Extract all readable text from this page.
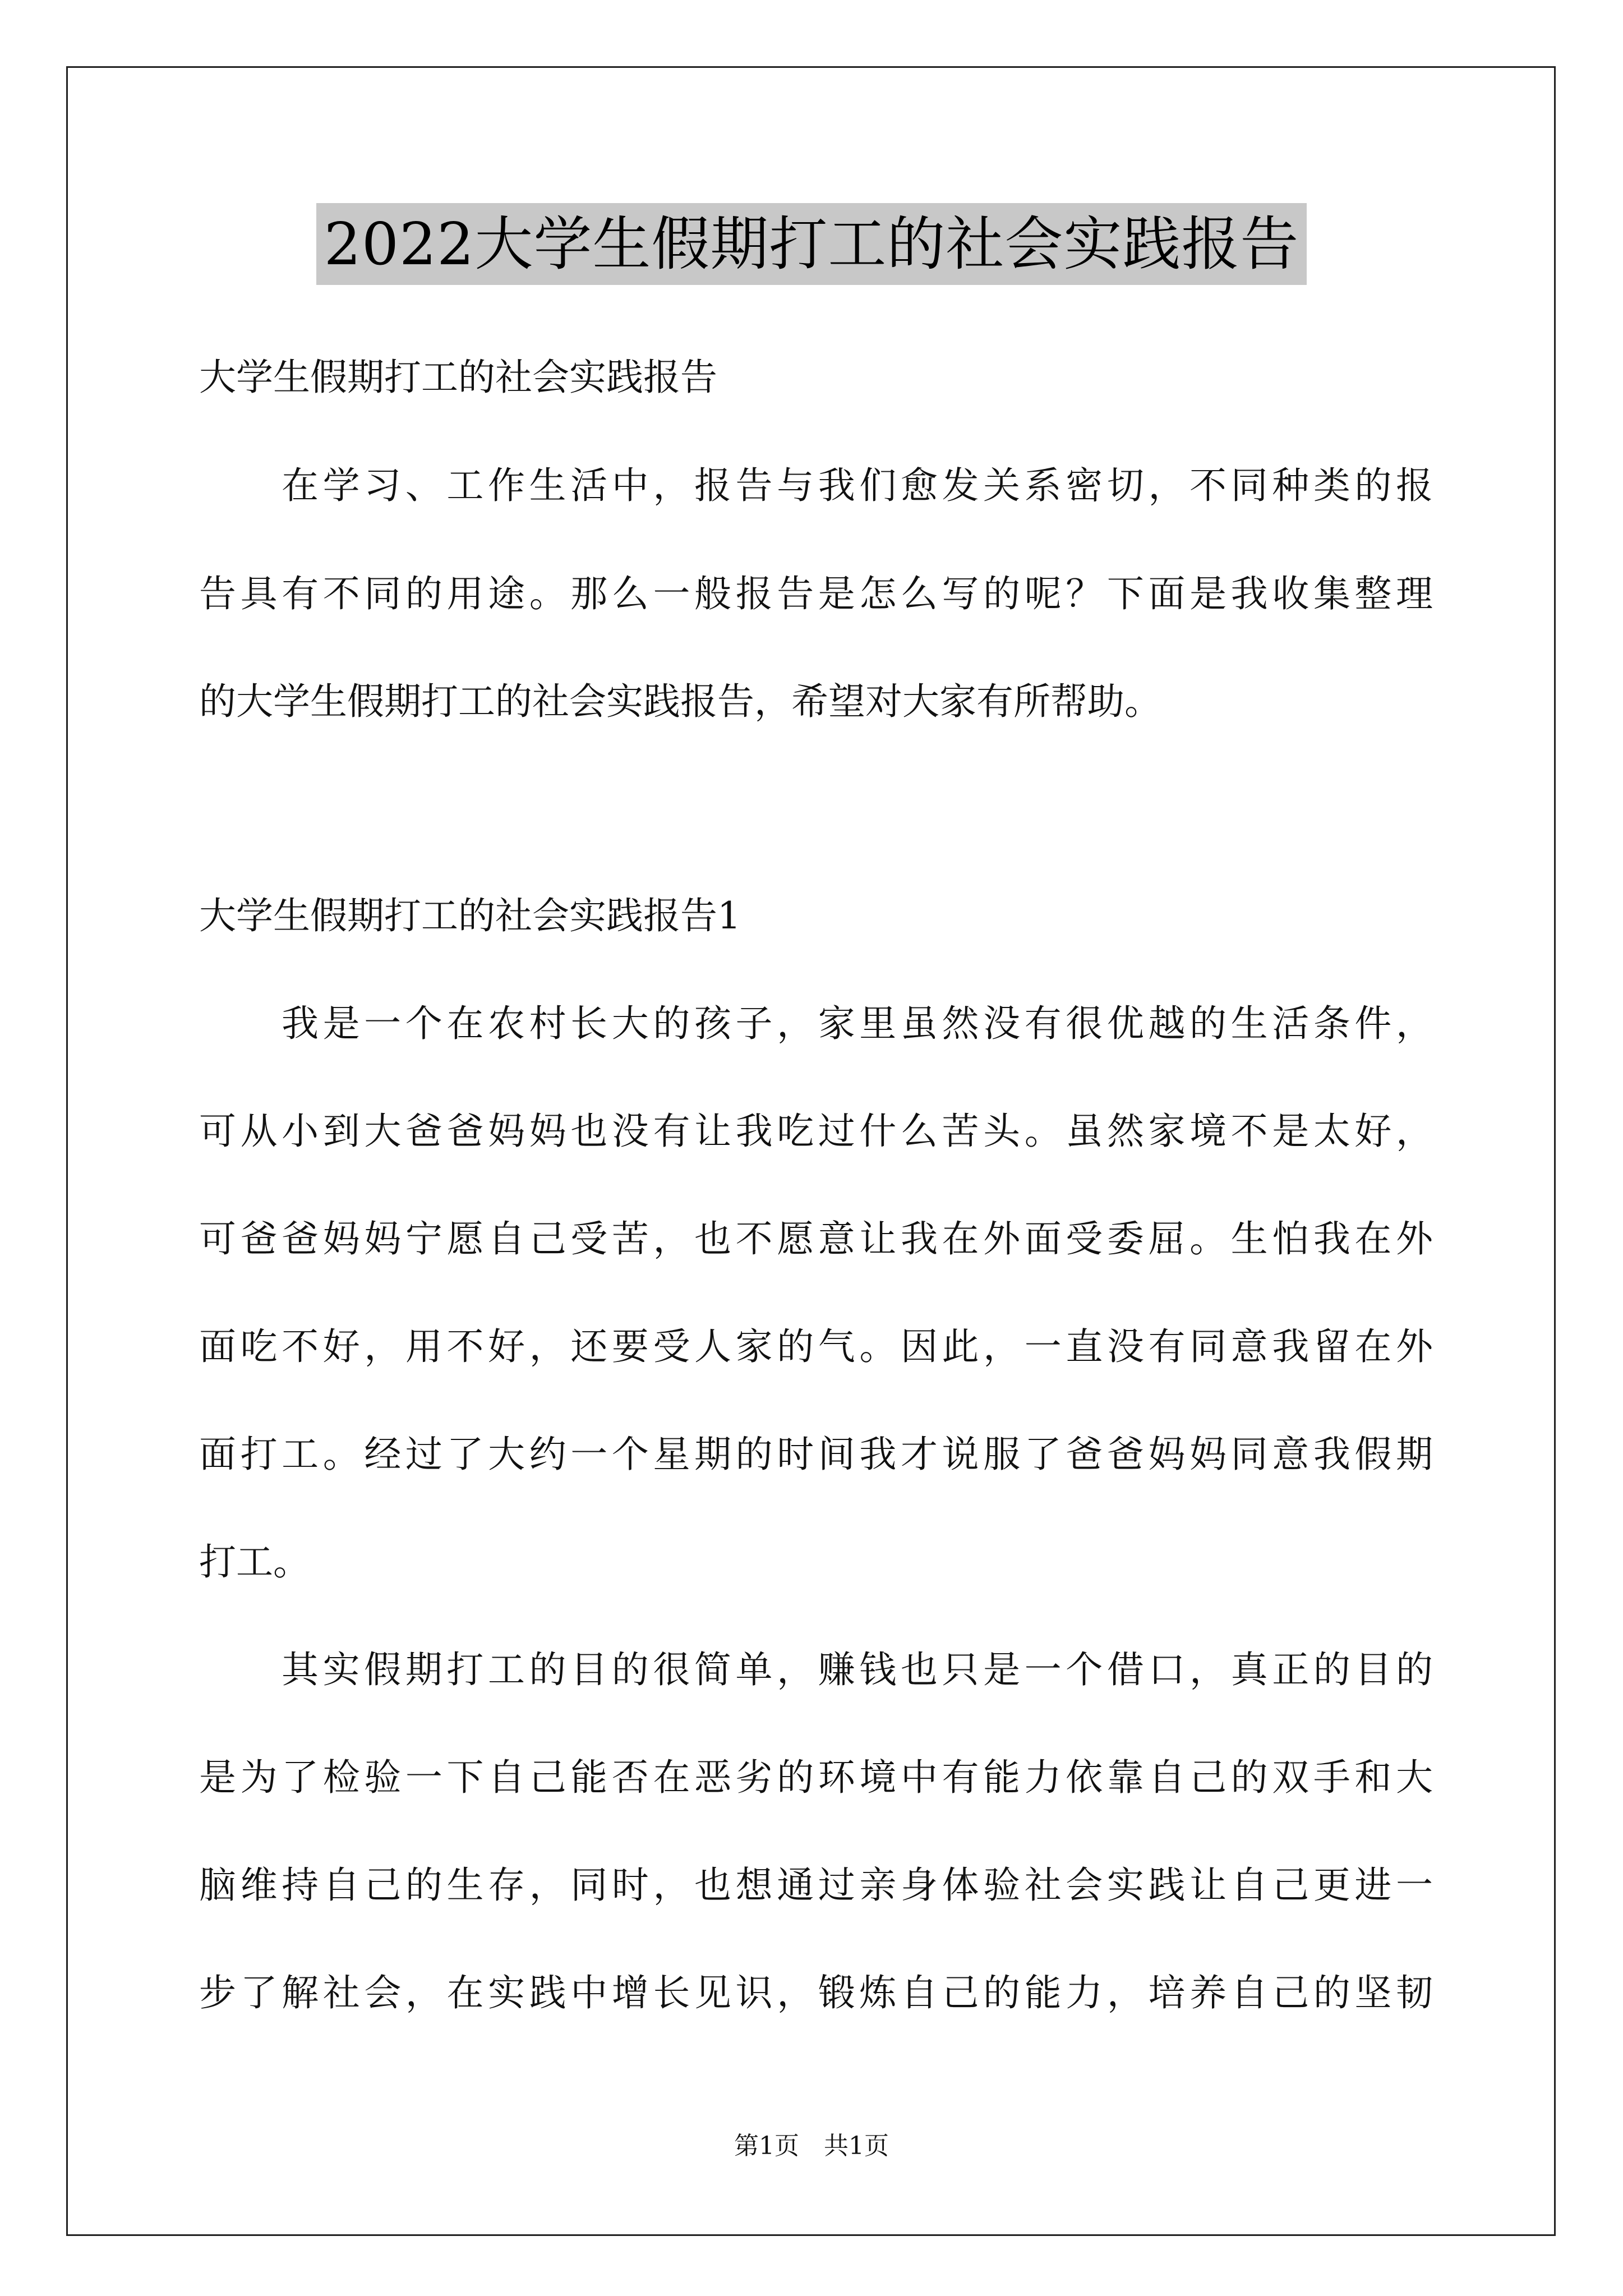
2022大学生假期打工的社会实践报告
大学生假期打工的社会实践报告
在学习、工作生活中，报告与我们愈发关系密切，不同种类的报
告具有不同的用途。那么一般报告是怎么写的呢？下面是我收集整理
的大学生假期打工的社会实践报告，希望对大家有所帮助。
大学生假期打工的社会实践报告1
我是一个在农村长大的孩子，家里虽然没有很优越的生活条件，
可从小到大爸爸妈妈也没有让我吃过什么苦头。虽然家境不是太好，
可爸爸妈妈宁愿自己受苦，也不愿意让我在外面受委屈。生怕我在外
面吃不好，用不好，还要受人家的气。因此，一直没有同意我留在外
面打工。经过了大约一个星期的时间我才说服了爸爸妈妈同意我假期
打工。
其实假期打工的目的很简单，赚钱也只是一个借口，真正的目的
是为了检验一下自己能否在恶劣的环境中有能力依靠自己的双手和大
脑维持自己的生存，同时，也想通过亲身体验社会实践让自己更进一
步了解社会，在实践中增长见识，锻炼自己的能力，培养自己的坚韧
第1页　共1页
